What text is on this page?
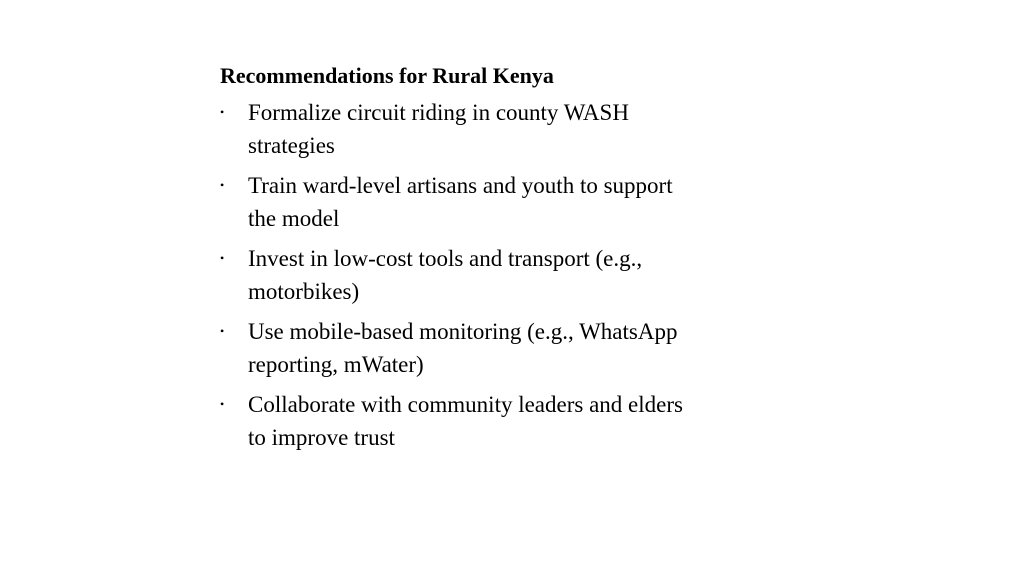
Recommendations for Rural Kenya
• Formalize circuit riding in county WASH strategies
• Train ward-level artisans and youth to support the model
• Invest in low-cost tools and transport (e.g., motorbikes)
• Use mobile-based monitoring (e.g., WhatsApp reporting, mWater)
• Collaborate with community leaders and elders to improve trust
